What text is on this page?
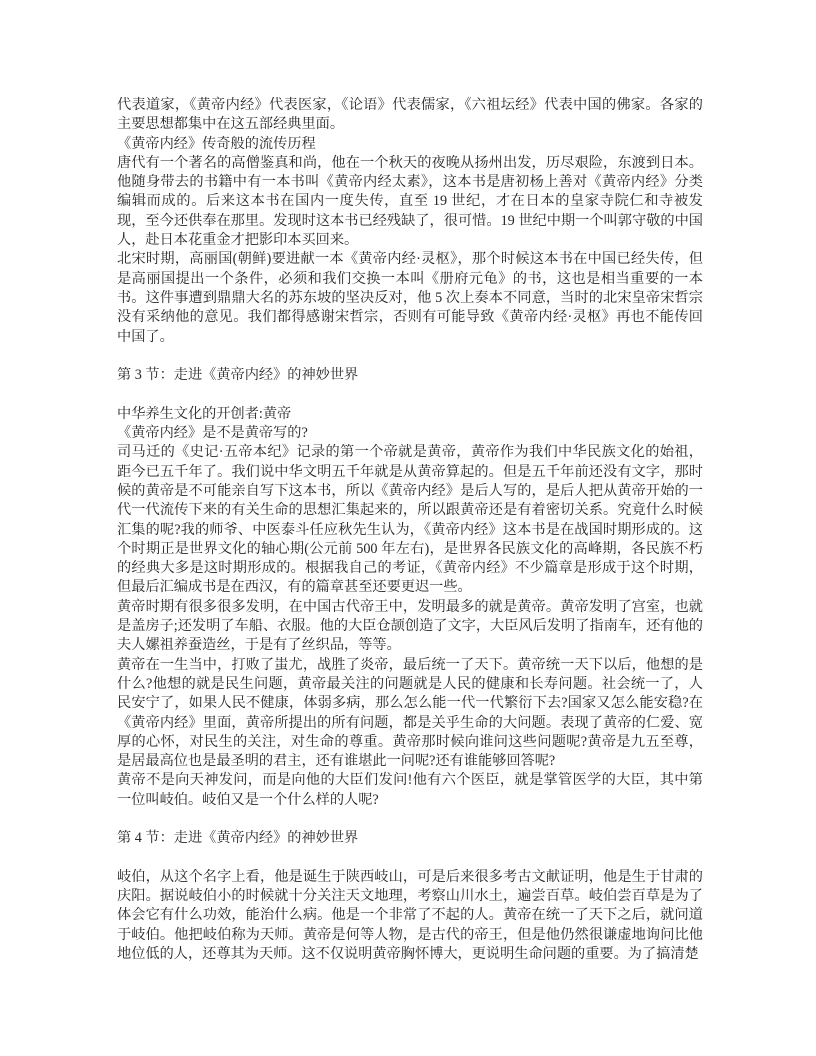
代表道家，《黄帝内经》代表医家，《论语》代表儒家，《六祖坛经》代表中国的佛家。各家的主要思想都集中在这五部经典里面。

《黄帝内经》传奇般的流传历程

唐代有一个著名的高僧鉴真和尚，他在一个秋天的夜晚从扬州出发，历尽艰险，东渡到日本。他随身带去的书籍中有一本书叫《黄帝内经太素》，这本书是唐初杨上善对《黄帝内经》分类编辑而成的。后来这本书在国内一度失传，直至 19 世纪，才在日本的皇家寺院仁和寺被发现，至今还供奉在那里。发现时这本书已经残缺了，很可惜。19 世纪中期一个叫郭守敬的中国人，赴日本花重金才把影印本买回来。

北宋时期，高丽国(朝鲜)要进献一本《黄帝内经·灵枢》，那个时候这本书在中国已经失传，但是高丽国提出一个条件，必须和我们交换一本叫《册府元龟》的书，这也是相当重要的一本书。这件事遭到鼎鼎大名的苏东坡的坚决反对，他 5 次上奏本不同意，当时的北宋皇帝宋哲宗没有采纳他的意见。我们都得感谢宋哲宗，否则有可能导致《黄帝内经·灵枢》再也不能传回中国了。

第 3 节：走进《黄帝内经》的神妙世界

中华养生文化的开创者:黄帝

《黄帝内经》是不是黄帝写的?

司马迁的《史记·五帝本纪》记录的第一个帝就是黄帝，黄帝作为我们中华民族文化的始祖，距今已五千年了。我们说中华文明五千年就是从黄帝算起的。但是五千年前还没有文字，那时候的黄帝是不可能亲自写下这本书，所以《黄帝内经》是后人写的，是后人把从黄帝开始的一代一代流传下来的有关生命的思想汇集起来的，所以跟黄帝还是有着密切关系。究竟什么时候汇集的呢?我的师爷、中医泰斗任应秋先生认为，《黄帝内经》这本书是在战国时期形成的。这个时期正是世界文化的轴心期(公元前 500 年左右)，是世界各民族文化的高峰期，各民族不朽的经典大多是这时期形成的。根据我自己的考证，《黄帝内经》不少篇章是形成于这个时期，但最后汇编成书是在西汉，有的篇章甚至还要更迟一些。

黄帝时期有很多很多发明，在中国古代帝王中，发明最多的就是黄帝。黄帝发明了宫室，也就是盖房子;还发明了车船、衣服。他的大臣仓颉创造了文字，大臣风后发明了指南车，还有他的夫人嫘祖养蚕造丝，于是有了丝织品，等等。

黄帝在一生当中，打败了蚩尤，战胜了炎帝，最后统一了天下。黄帝统一天下以后，他想的是什么?他想的就是民生问题，黄帝最关注的问题就是人民的健康和长寿问题。社会统一了，人民安宁了，如果人民不健康，体弱多病，那么怎么能一代一代繁衍下去?国家又怎么能安稳?在《黄帝内经》里面，黄帝所提出的所有问题，都是关乎生命的大问题。表现了黄帝的仁爱、宽厚的心怀，对民生的关注，对生命的尊重。黄帝那时候向谁问这些问题呢?黄帝是九五至尊，是居最高位也是最圣明的君主，还有谁堪此一问呢?还有谁能够回答呢?

黄帝不是向天神发问，而是向他的大臣们发问!他有六个医臣，就是掌管医学的大臣，其中第一位叫岐伯。岐伯又是一个什么样的人呢?

第 4 节：走进《黄帝内经》的神妙世界

岐伯，从这个名字上看，他是诞生于陕西岐山，可是后来很多考古文献证明，他是生于甘肃的庆阳。据说岐伯小的时候就十分关注天文地理，考察山川水土，遍尝百草。岐伯尝百草是为了体会它有什么功效，能治什么病。他是一个非常了不起的人。黄帝在统一了天下之后，就问道于岐伯。他把岐伯称为天师。黄帝是何等人物，是古代的帝王，但是他仍然很谦虚地询问比他地位低的人，还尊其为天师。这不仅说明黄帝胸怀博大，更说明生命问题的重要。为了搞清楚
